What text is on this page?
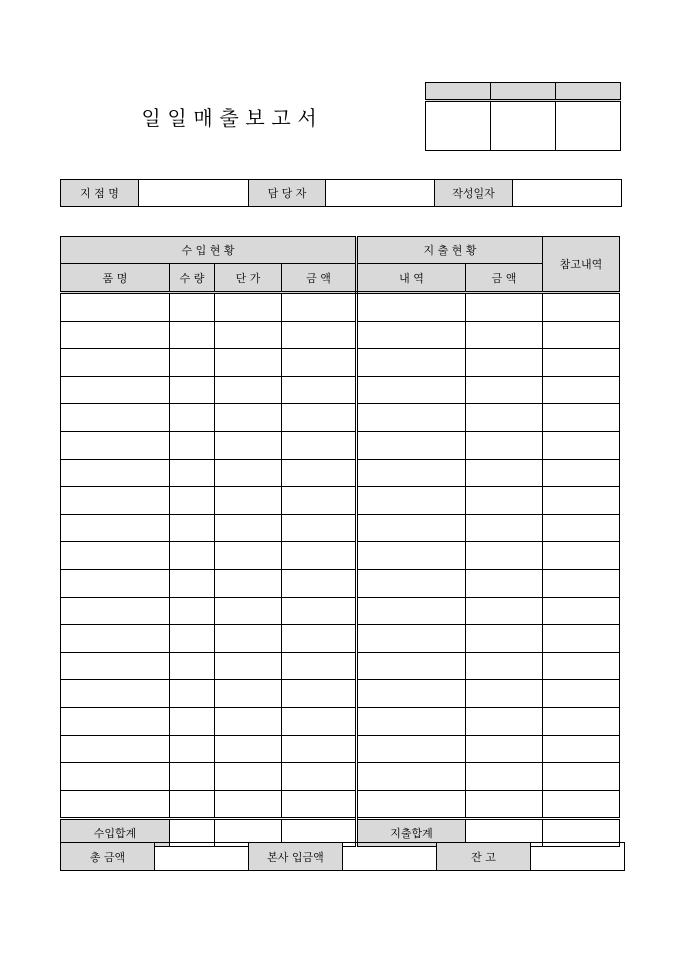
일 일 매 출 보 고 서

지 점 명		담 당 자		작성일자	
수 입 현 황				지 출 현 황		참고내역
품 명	수 량	단 가	금 액	내 역	금 액	

수입합계				지출합계		
총 금액		본사 입금액		잔 고	
